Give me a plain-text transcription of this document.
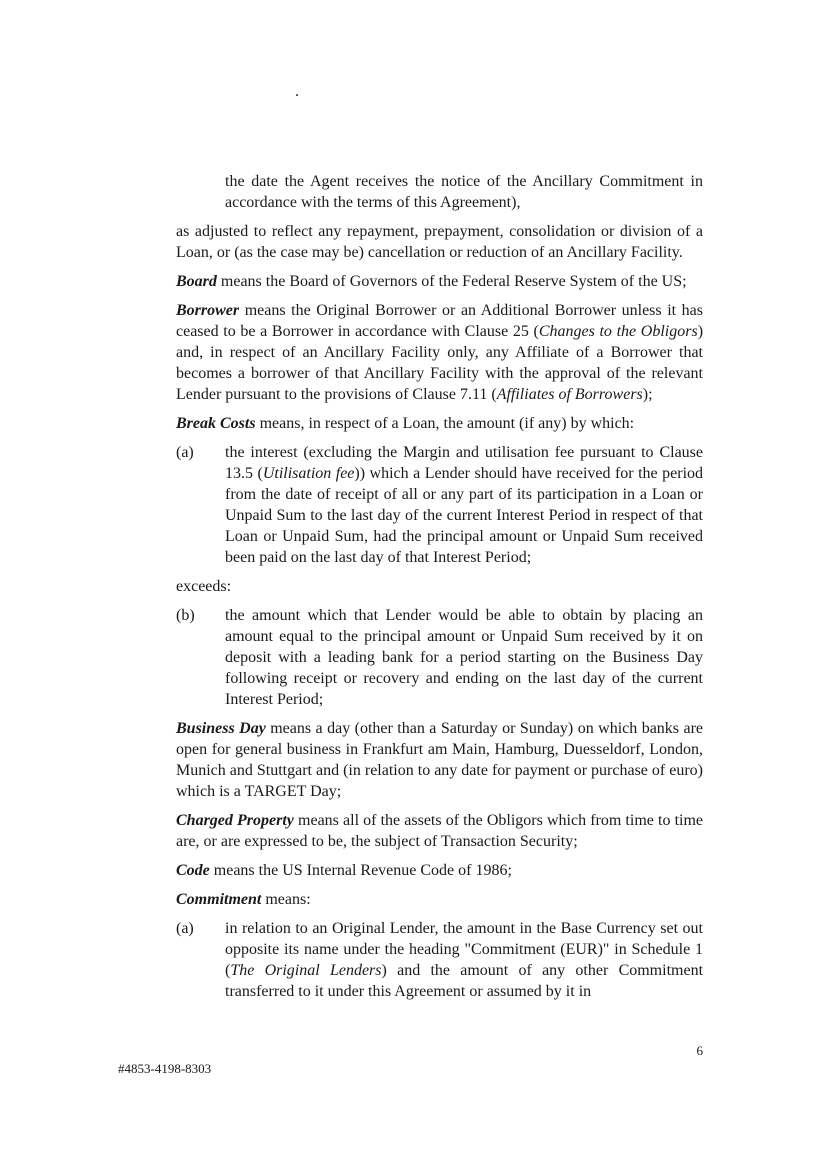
.

the date the Agent receives the notice of the Ancillary Commitment in accordance with the terms of this Agreement),

as adjusted to reflect any repayment, prepayment, consolidation or division of a Loan, or (as the case may be) cancellation or reduction of an Ancillary Facility.

Board means the Board of Governors of the Federal Reserve System of the US;

Borrower means the Original Borrower or an Additional Borrower unless it has ceased to be a Borrower in accordance with Clause 25 (Changes to the Obligors) and, in respect of an Ancillary Facility only, any Affiliate of a Borrower that becomes a borrower of that Ancillary Facility with the approval of the relevant Lender pursuant to the provisions of Clause 7.11 (Affiliates of Borrowers);

Break Costs means, in respect of a Loan, the amount (if any) by which:

(a) the interest (excluding the Margin and utilisation fee pursuant to Clause 13.5 (Utilisation fee)) which a Lender should have received for the period from the date of receipt of all or any part of its participation in a Loan or Unpaid Sum to the last day of the current Interest Period in respect of that Loan or Unpaid Sum, had the principal amount or Unpaid Sum received been paid on the last day of that Interest Period;

exceeds:

(b) the amount which that Lender would be able to obtain by placing an amount equal to the principal amount or Unpaid Sum received by it on deposit with a leading bank for a period starting on the Business Day following receipt or recovery and ending on the last day of the current Interest Period;

Business Day means a day (other than a Saturday or Sunday) on which banks are open for general business in Frankfurt am Main, Hamburg, Duesseldorf, London, Munich and Stuttgart and (in relation to any date for payment or purchase of euro) which is a TARGET Day;

Charged Property means all of the assets of the Obligors which from time to time are, or are expressed to be, the subject of Transaction Security;

Code means the US Internal Revenue Code of 1986;

Commitment means:

(a) in relation to an Original Lender, the amount in the Base Currency set out opposite its name under the heading "Commitment (EUR)" in Schedule 1 (The Original Lenders) and the amount of any other Commitment transferred to it under this Agreement or assumed by it in
6
#4853-4198-8303
